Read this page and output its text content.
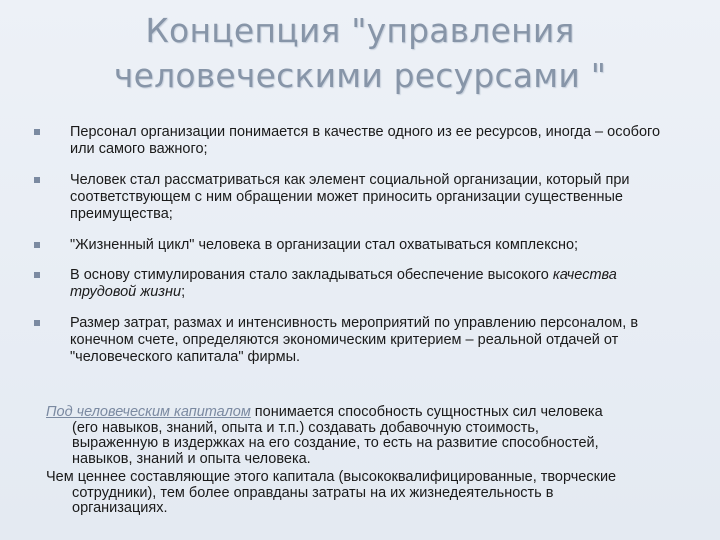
Концепция "управления
человеческими ресурсами "
Персонал организации понимается в качестве одного из ее ресурсов, иногда – особого или самого важного;
Человек стал рассматриваться как элемент социальной организации, который при соответствующем с ним обращении может приносить организации существенные преимущества;
"Жизненный цикл" человека в организации стал охватываться комплексно;
В основу стимулирования стало закладываться обеспечение высокого качества трудовой жизни;
Размер затрат, размах и интенсивность мероприятий по управлению персоналом, в конечном счете, определяются экономическим критерием – реальной отдачей от "человеческого капитала" фирмы.
Под человеческим капиталом понимается способность сущностных сил человека
(его навыков, знаний, опыта и т.п.) создавать добавочную стоимость,
выраженную в издержках на его создание, то есть на развитие способностей,
навыков, знаний и опыта человека.
Чем ценнее составляющие этого капитала (высококвалифицированные, творческие
сотрудники), тем более оправданы затраты на их жизнедеятельность в
организациях.
